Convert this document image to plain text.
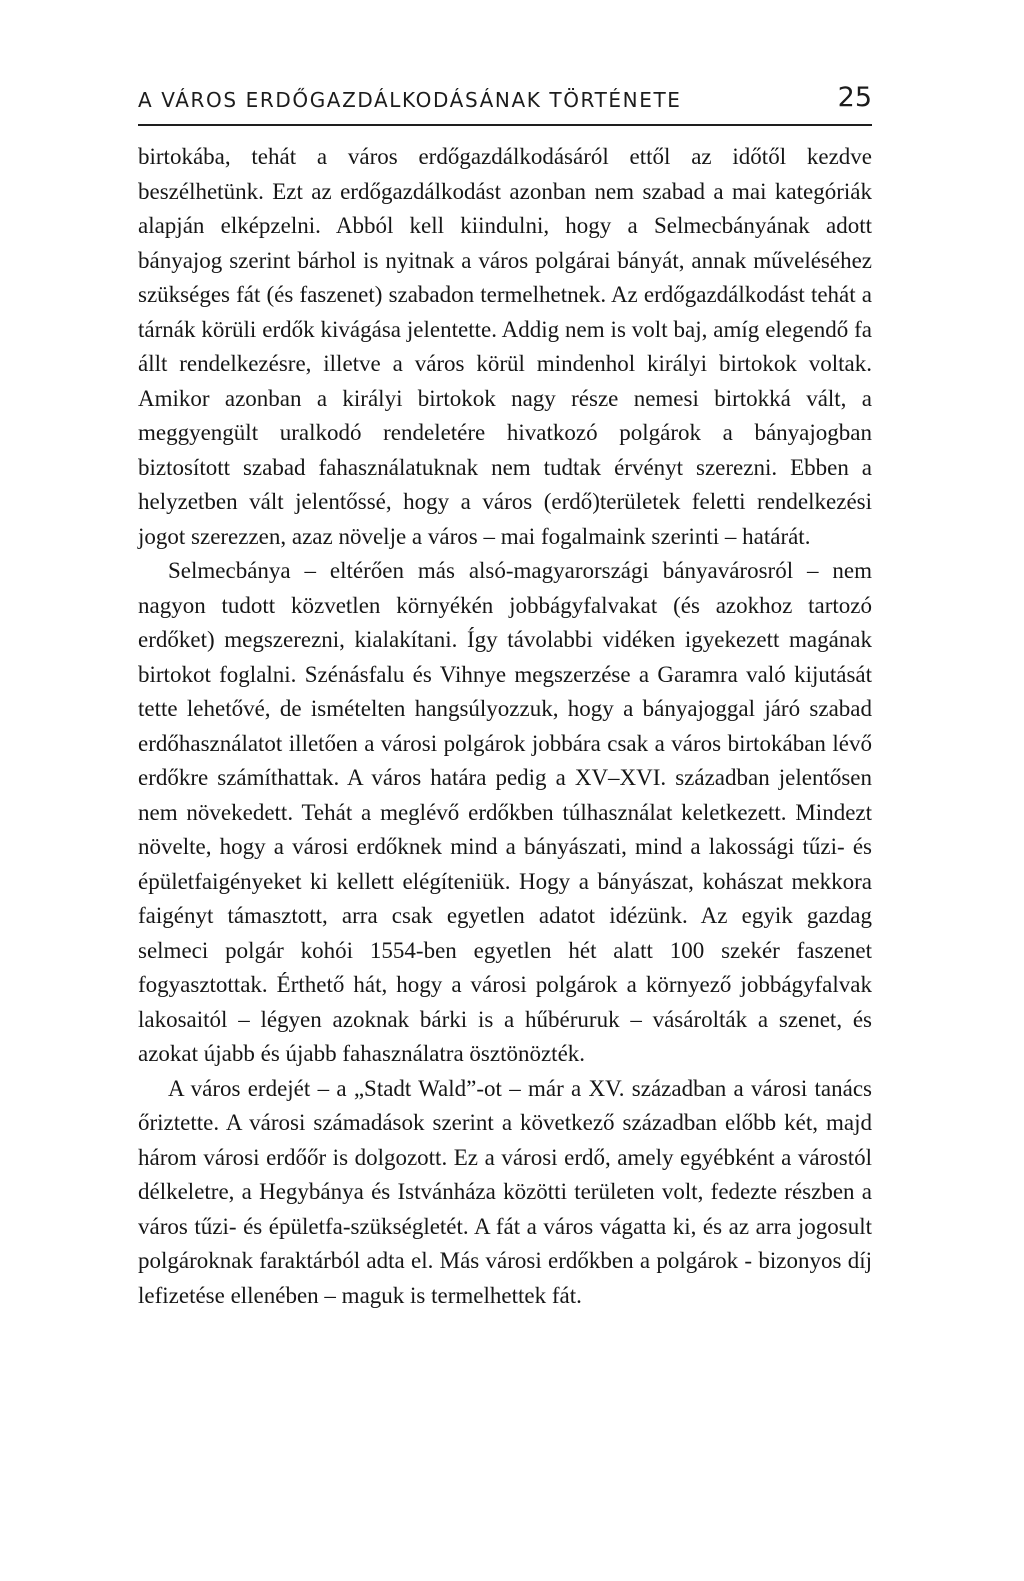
A VÁROS ERDŐGAZDÁLKODÁSÁNAK TÖRTÉNETE	25

birtokába, tehát a város erdőgazdálkodásáról ettől az időtől kezdve beszélhetünk. Ezt az erdőgazdálkodást azonban nem szabad a mai kategóriák alapján elképzelni. Abból kell kiindulni, hogy a Selmecbányának adott bányajog szerint bárhol is nyitnak a város polgárai bányát, annak műveléséhez szükséges fát (és faszenet) szabadon termelhetnek. Az erdőgazdálkodást tehát a tárnák körüli erdők kivágása jelentette. Addig nem is volt baj, amíg elegendő fa állt rendelkezésre, illetve a város körül mindenhol királyi birtokok voltak. Amikor azonban a királyi birtokok nagy része nemesi birtokká vált, a meggyengült uralkodó rendeletére hivatkozó polgárok a bányajogban biztosított szabad fahasználatuknak nem tudtak érvényt szerezni. Ebben a helyzetben vált jelentőssé, hogy a város (erdő)területek feletti rendelkezési jogot szerezzen, azaz növelje a város – mai fogalmaink szerinti – határát.

Selmecbánya – eltérően más alsó-magyarországi bányavárosról – nem nagyon tudott közvetlen környékén jobbágyfalvakat (és azokhoz tartozó erdőket) megszerezni, kialakítani. Így távolabbi vidéken igyekezett magának birtokot foglalni. Szénásfalu és Vihnye megszerzése a Garamra való kijutását tette lehetővé, de ismételten hangsúlyozzuk, hogy a bányajoggal járó szabad erdőhasználatot illetően a városi polgárok jobbára csak a város birtokában lévő erdőkre számíthattak. A város határa pedig a XV–XVI. században jelentősen nem növekedett. Tehát a meglévő erdőkben túlhasználat keletkezett. Mindezt növelte, hogy a városi erdőknek mind a bányászati, mind a lakossági tűzi- és épületfaigényeket ki kellett elégíteniük. Hogy a bányászat, kohászat mekkora faigényt támasztott, arra csak egyetlen adatot idézünk. Az egyik gazdag selmeci polgár kohói 1554-ben egyetlen hét alatt 100 szekér faszenet fogyasztottak. Érthető hát, hogy a városi polgárok a környező jobbágyfalvak lakosaitól – légyen azoknak bárki is a hűbéruruk – vásárolták a szenet, és azokat újabb és újabb fahasználatra ösztönözték.

A város erdejét – a „Stadt Wald”-ot – már a XV. században a városi tanács őriztette. A városi számadások szerint a következő században előbb két, majd három városi erdőőr is dolgozott. Ez a városi erdő, amely egyébként a várostól délkeletre, a Hegybánya és Istvánháza közötti területen volt, fedezte részben a város tűzi- és épületfa-szükségletét. A fát a város vágatta ki, és az arra jogosult polgároknak faraktárból adta el. Más városi erdőkben a polgárok - bizonyos díj lefizetése ellenében – maguk is termelhettek fát.
